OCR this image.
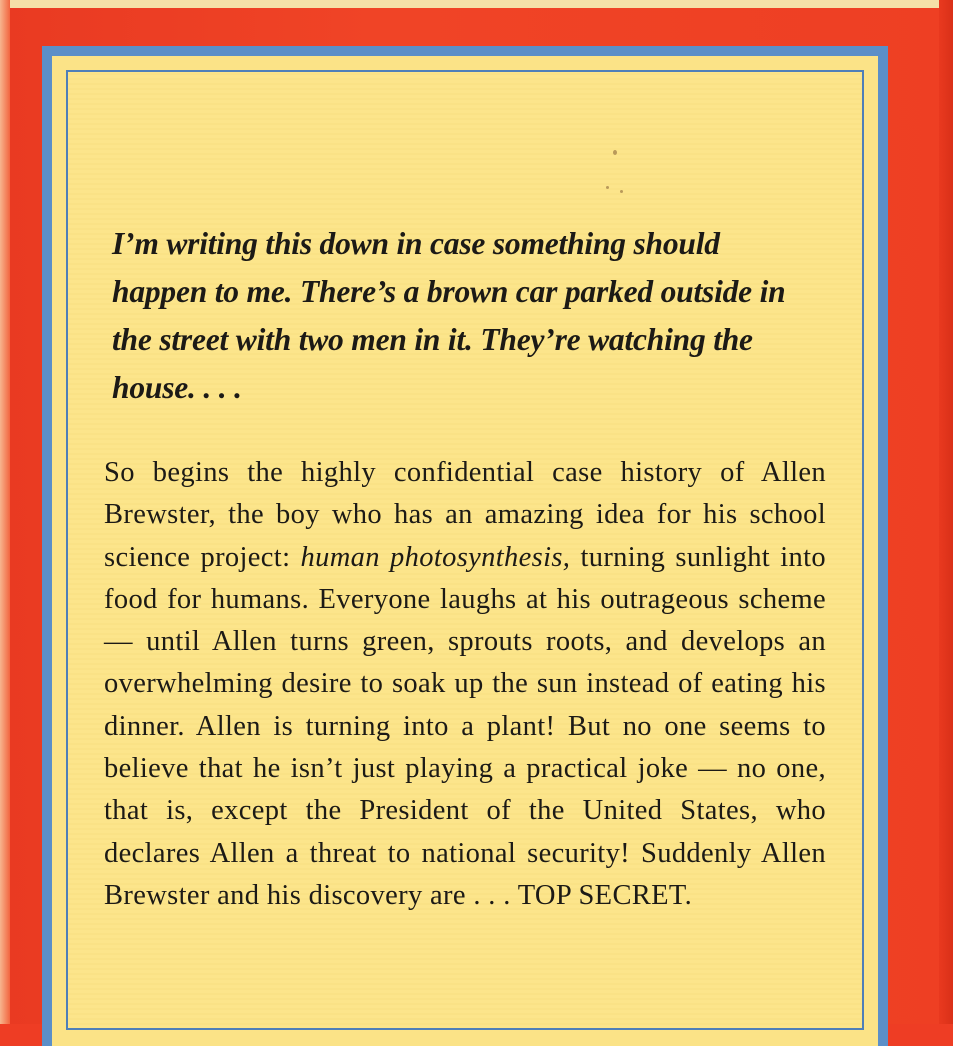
I’m writing this down in case something should happen to me. There’s a brown car parked outside in the street with two men in it. They’re watching the house. . . .

So begins the highly confidential case history of Allen Brewster, the boy who has an amazing idea for his school science project: human photosynthesis, turning sunlight into food for humans. Everyone laughs at his outrageous scheme — until Allen turns green, sprouts roots, and develops an overwhelming desire to soak up the sun instead of eating his dinner. Allen is turning into a plant! But no one seems to believe that he isn’t just playing a practical joke — no one, that is, except the President of the United States, who declares Allen a threat to national security! Suddenly Allen Brewster and his discovery are . . . TOP SECRET.
